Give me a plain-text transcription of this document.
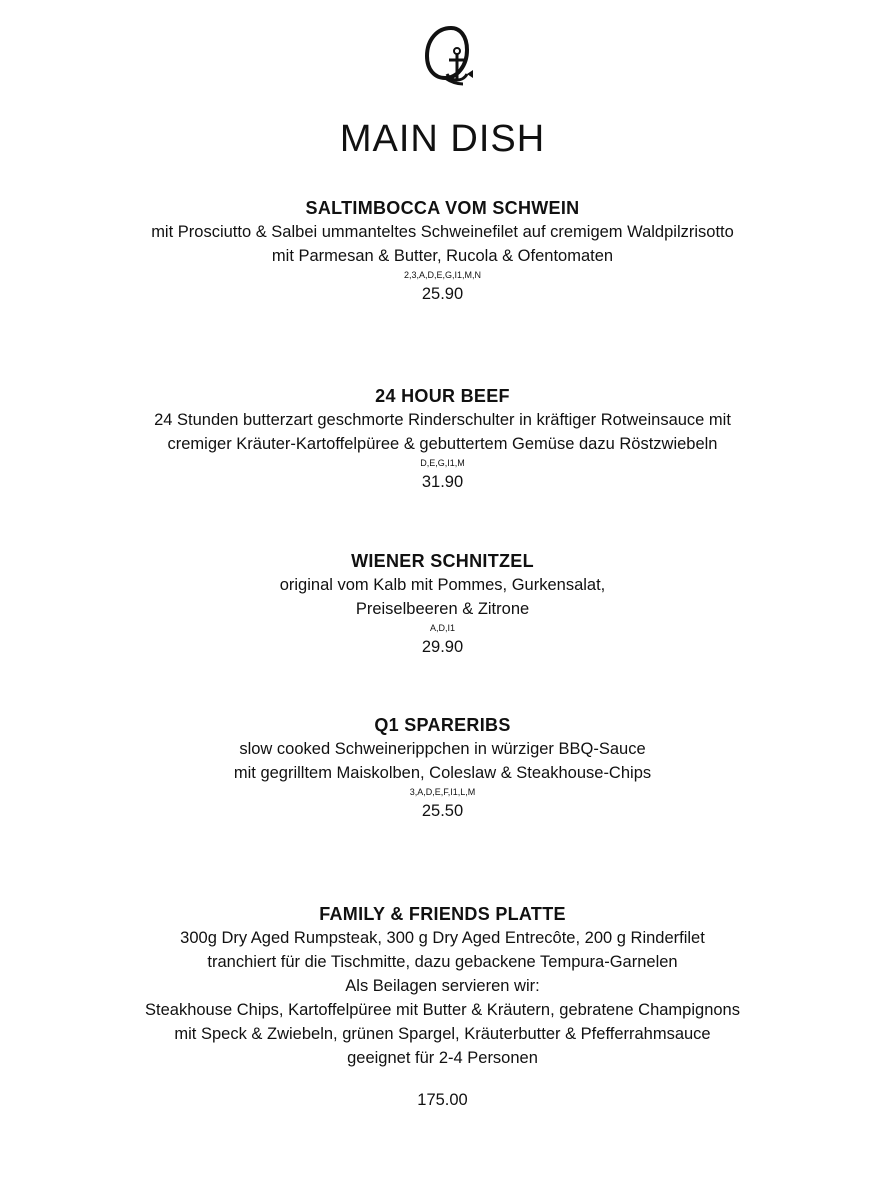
MAIN DISH
SALTIMBOCCA VOM SCHWEIN
mit Prosciutto & Salbei ummanteltes Schweinefilet auf cremigem Waldpilzrisotto
mit Parmesan & Butter, Rucola & Ofentomaten
2,3,A,D,E,G,I1,M,N
25.90
24 HOUR BEEF
24 Stunden butterzart geschmorte Rinderschulter in kräftiger Rotweinsauce mit
cremiger Kräuter-Kartoffelpüree & gebuttertem Gemüse dazu Röstzwiebeln
D,E,G,I1,M
31.90
WIENER SCHNITZEL
original vom Kalb mit Pommes, Gurkensalat,
Preiselbeeren & Zitrone
A,D,I1
29.90
Q1 SPARERIBS
slow cooked Schweinerippchen in würziger BBQ-Sauce
mit gegrilltem Maiskolben, Coleslaw & Steakhouse-Chips
3,A,D,E,F,I1,L,M
25.50
FAMILY & FRIENDS PLATTE
300g Dry Aged Rumpsteak, 300 g Dry Aged Entrecôte, 200 g Rinderfilet
tranchiert für die Tischmitte, dazu gebackene Tempura-Garnelen
Als Beilagen servieren wir:
Steakhouse Chips, Kartoffelpüree mit Butter & Kräutern, gebratene Champignons
mit Speck & Zwiebeln, grünen Spargel, Kräuterbutter & Pfefferrahmsauce
geeignet für 2-4 Personen
175.00
